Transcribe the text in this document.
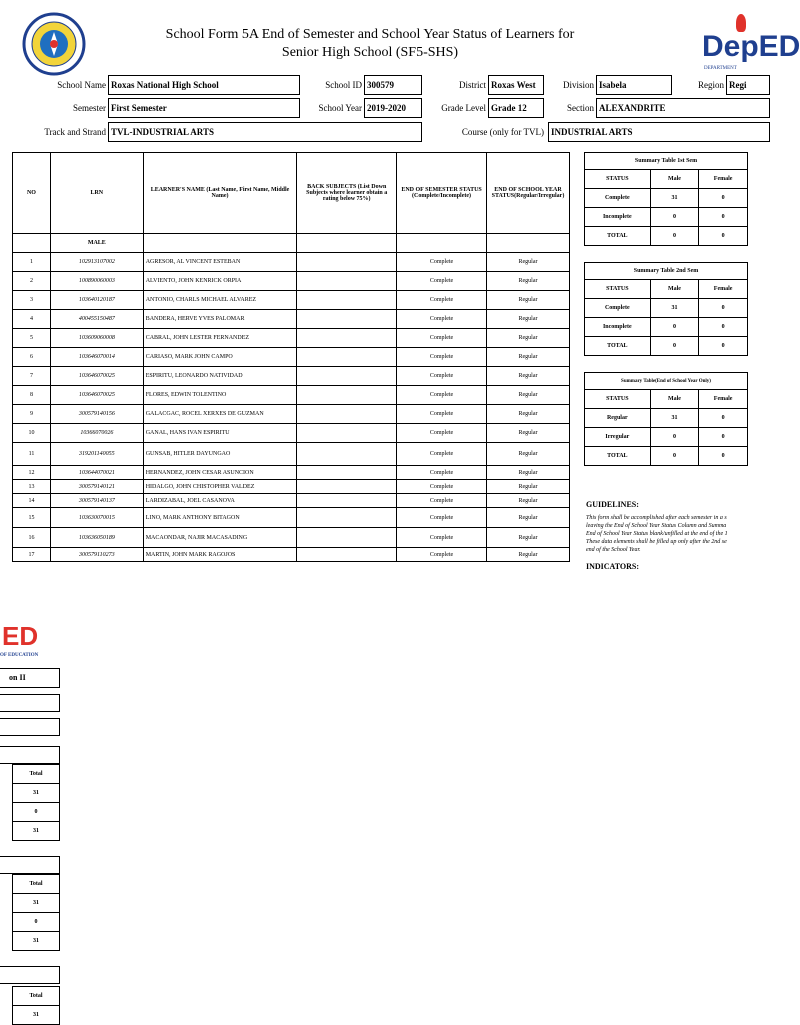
School Form 5A End of Semester and School Year Status of Learners for
Senior High School (SF5-SHS)	DepED
DEPARTMENT
School Name Roxas National High School	School ID 300579	District Roxas West	Division Isabela	Region Regi
Semester First Semester	School Year 2019-2020	Grade Level Grade 12	Section ALEXANDRITE
Track and Strand TVL-INDUSTRIAL ARTS	Course (only for TVL) INDUSTRIAL ARTS
NO	LRN	LEARNER'S NAME (Last Name, First Name, Middle Name)	BACK SUBJECTS (List Down Subjects where learner obtain a rating below 75%)	END OF SEMESTER STATUS (Complete/Incomplete)	END OF SCHOOL YEAR STATUS(Regular/Irregular)
	MALE				
1	102913107002	AGRESOR, AL VINCENT ESTEBAN		Complete	Regular
2	100890060003	ALVIENTO, JOHN KENRICK ORPIA		Complete	Regular
3	103640120187	ANTONIO, CHARLS MICHAEL ALVAREZ		Complete	Regular
4	400455150487	BANDERA, HERVE YVES PALOMAR		Complete	Regular
5	103609060008	CABRAL, JOHN LESTER FERNANDEZ		Complete	Regular
6	103646070014	CARIASO, MARK JOHN CAMPO		Complete	Regular
7	103646070025	ESPIRITU, LEONARDO NATIVIDAD		Complete	Regular
8	103646070025	FLORES, EDWIN TOLENTINO		Complete	Regular
9	300579140156	GALACGAC, ROCEL XERXES DE GUZMAN		Complete	Regular
10	10366070026	GANAL, HANS IVAN ESPIRITU		Complete	Regular
11	319201140055	GUNSAB, HITLER DAYUNGAO		Complete	Regular
12	103644070021	HERNANDEZ, JOHN CESAR ASUNCION		Complete	Regular
13	300579140121	HIDALGO, JOHN CHISTOPHER VALDEZ		Complete	Regular
14	300579140137	LARDIZABAL, JOEL CASANOVA		Complete	Regular
15	103630070015	LINO, MARK ANTHONY BITAGON		Complete	Regular
16	103636050189	MACAONDAR, NAJIR MACASADING		Complete	Regular
17	300579110273	MARTIN, JOHN MARK RAGOJOS		Complete	Regular
Summary Table 1st Sem		
STATUS	Male	Female
Complete	31	0
Incomplete	0	0
TOTAL	0	0
Summary Table 2nd Sem		
STATUS	Male	Female
Complete	31	0
Incomplete	0	0
TOTAL	0	0
Summary Table(End of School Year Only)		
STATUS	Male	Female
Regular	31	0
Irregular	0	0
TOTAL	0	0
GUIDELINES:
This form shall be accomplished after each semester in a s
leaving the End of School Year Status Column and Summa
End of School Year Status blank/unfilled at the end of the 1
These data elements shall be filled up only after the 2nd se
end of the School Year.
INDICATORS:
ED
OF EDUCATION
on II
Total
31
0
31
Total
31
0
31
Total
31
